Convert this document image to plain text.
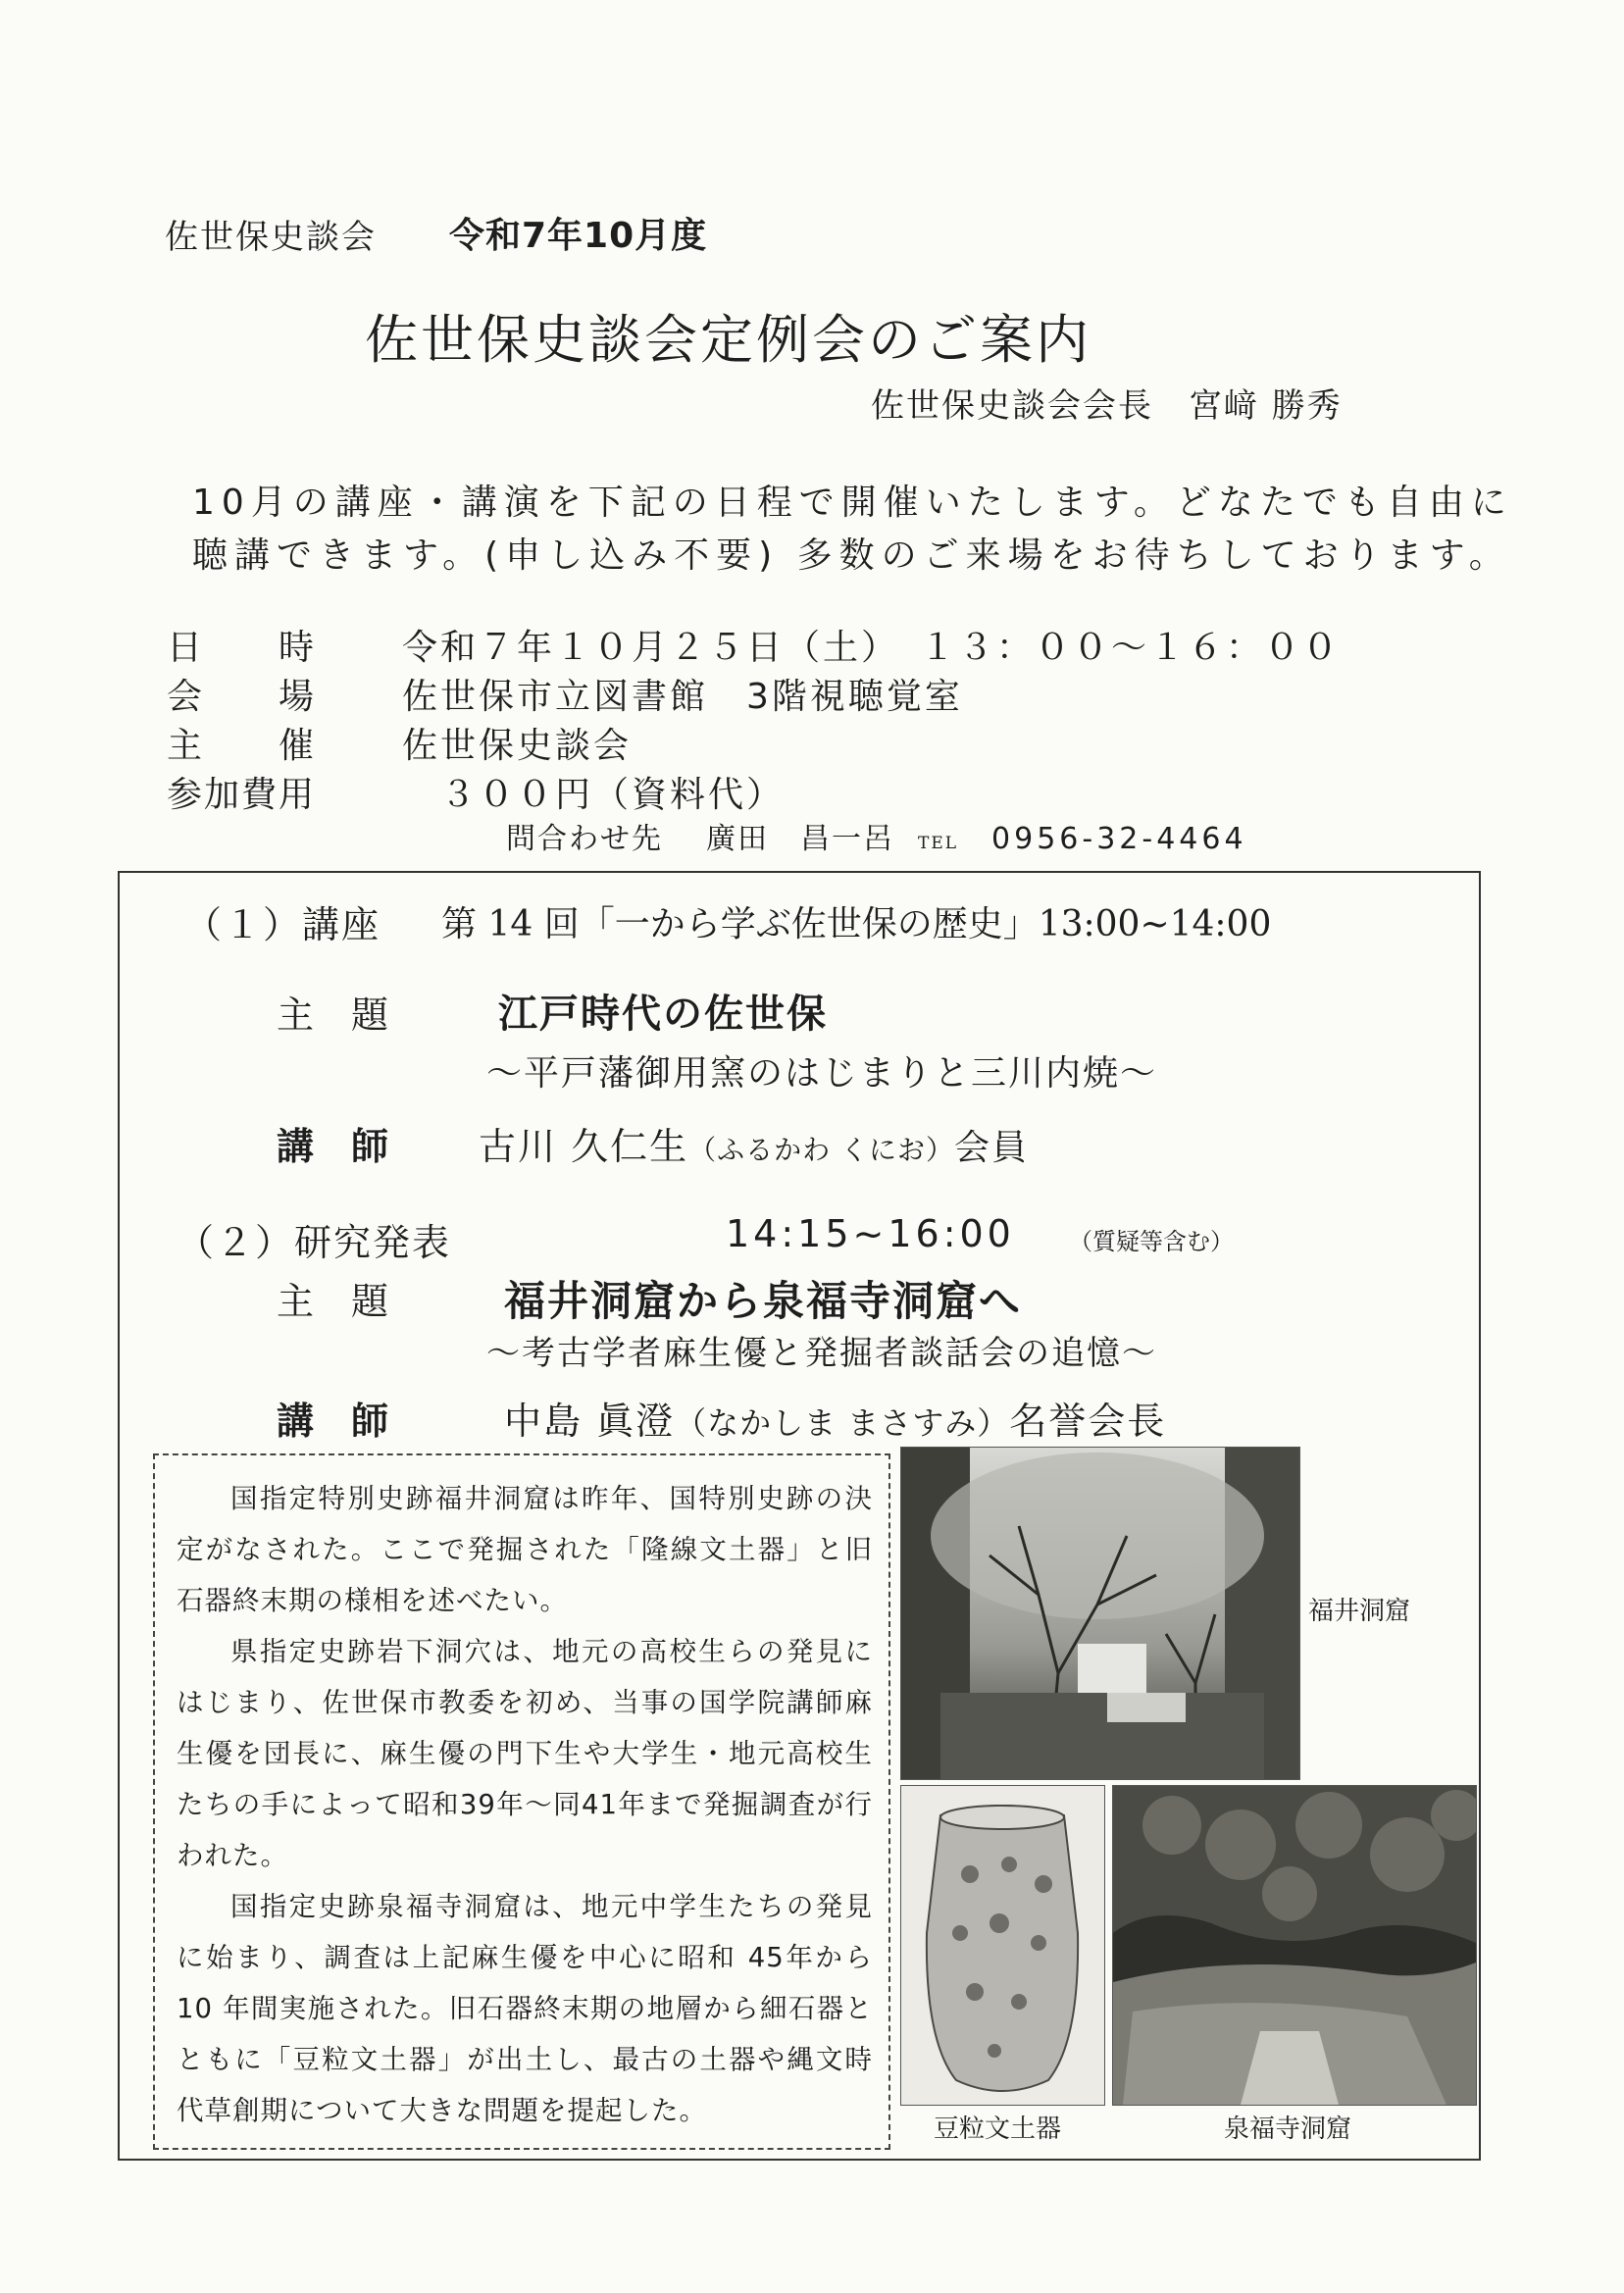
佐世保史談会 令和7年10月度
佐世保史談会定例会のご案内
佐世保史談会会長　宮﨑 勝秀
10月の講座・講演を下記の日程で開催いたします。どなたでも自由に
聴講できます。(申し込み不要) 多数のご来場をお待ちしております。
日　　時 令和７年１０月２５日（土）　１３：００～１６：００
会　　場 佐世保市立図書館　3階視聴覚室
主　　催 佐世保史談会
参加費用 　３００円（資料代）
問合わせ先 廣田　昌一呂 TEL 0956-32-4464
（１）講座 第 14 回「一から学ぶ佐世保の歴史」13:00~14:00
主　題	江戸時代の佐世保
～平戸藩御用窯のはじまりと三川内焼～
講　師 古川 久仁生（ふるかわ くにお）会員
（２）研究発表	14:15~16:00 （質疑等含む）
主　題	福井洞窟から泉福寺洞窟へ
～考古学者麻生優と発掘者談話会の追憶～
講　師	中島 眞澄（なかしま まさすみ）名誉会長

国指定特別史跡福井洞窟は昨年、国特別史跡の決定がなされた。ここで発掘された「隆線文土器」と旧石器終末期の様相を述べたい。

県指定史跡岩下洞穴は、地元の高校生らの発見にはじまり、佐世保市教委を初め、当事の国学院講師麻生優を団長に、麻生優の門下生や大学生・地元高校生たちの手によって昭和39年～同41年まで発掘調査が行われた。

国指定史跡泉福寺洞窟は、地元中学生たちの発見に始まり、調査は上記麻生優を中心に昭和 45年から 10 年間実施された。旧石器終末期の地層から細石器とともに「豆粒文土器」が出土し、最古の土器や縄文時代草創期について大きな問題を提起した。

福井洞窟
豆粒文土器	泉福寺洞窟
